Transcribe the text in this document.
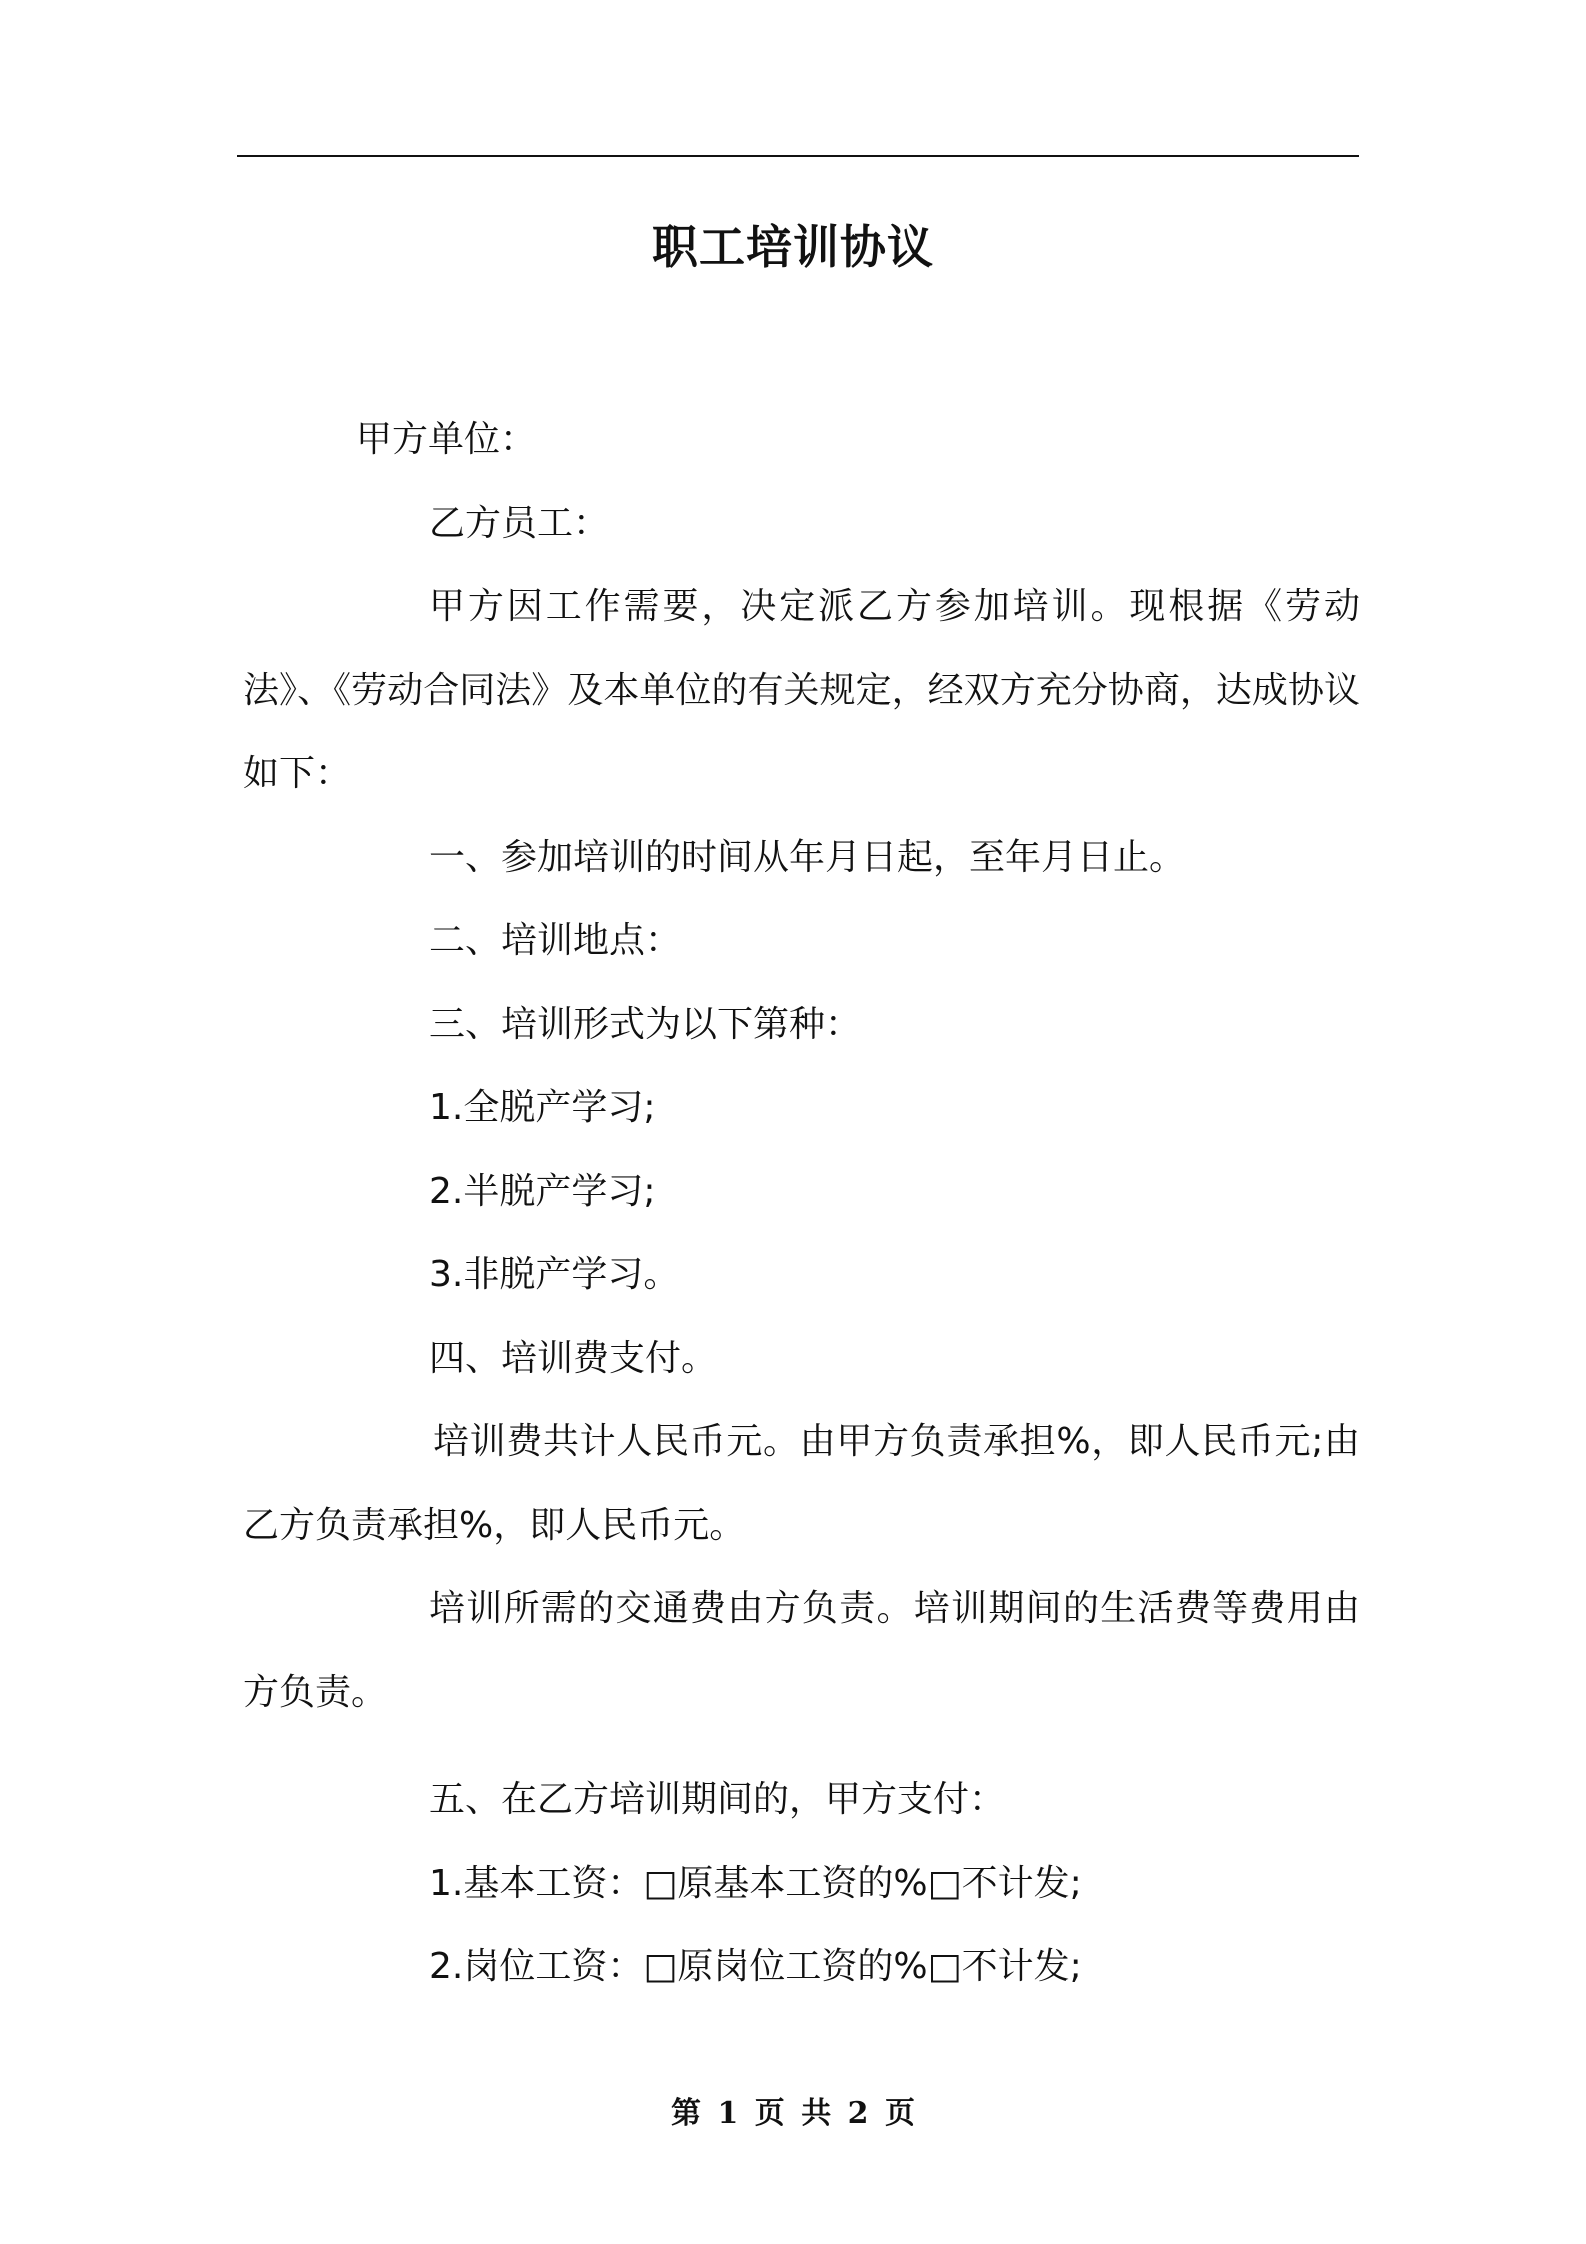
职工培训协议

甲方单位：

乙方员工：

甲方因工作需要，决定派乙方参加培训。现根据《劳动法》、《劳动合同法》及本单位的有关规定，经双方充分协商，达成协议如下：

一、参加培训的时间从年月日起，至年月日止。

二、培训地点：

三、培训形式为以下第种：

1.全脱产学习;

2.半脱产学习;

3.非脱产学习。

四、培训费支付。

培训费共计人民币元。由甲方负责承担%，即人民币元;由乙方负责承担%，即人民币元。

培训所需的交通费由方负责。培训期间的生活费等费用由方负责。

五、在乙方培训期间的，甲方支付：

1.基本工资：□原基本工资的%□不计发;

2.岗位工资：□原岗位工资的%□不计发;

第 1 页 共 2 页
